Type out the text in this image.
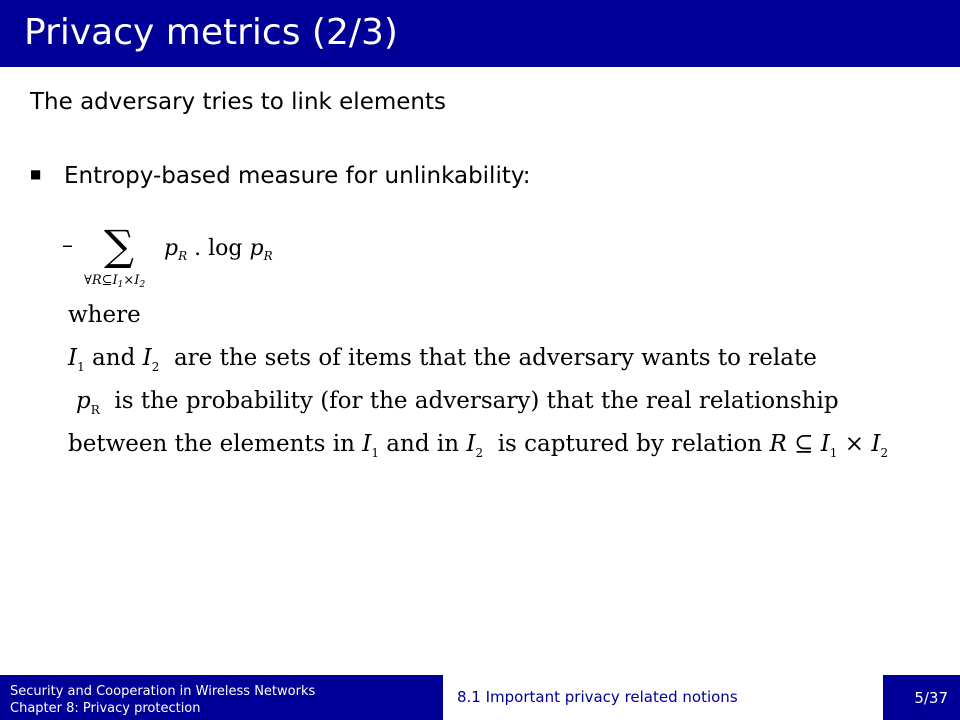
Privacy metrics (2/3)
The adversary tries to link elements
■ Entropy-based measure for unlinkability:
– ∑
$\forall R⊆I_1\times I_2$
$p_R$ . $\log p_R$
where
$I_1$ and $I_2$ are the sets of items that the adversary wants to relate
$p_R$ is the probability (for the adversary) that the real relationship
between the elements in $I_1$ and in $I_2$ is captured by relation R ⊆ $I_1 \times I_2$
Security and Cooperation in Wireless Networks
Chapter 8: Privacy protection
8.1 Important privacy related notions	5/37
